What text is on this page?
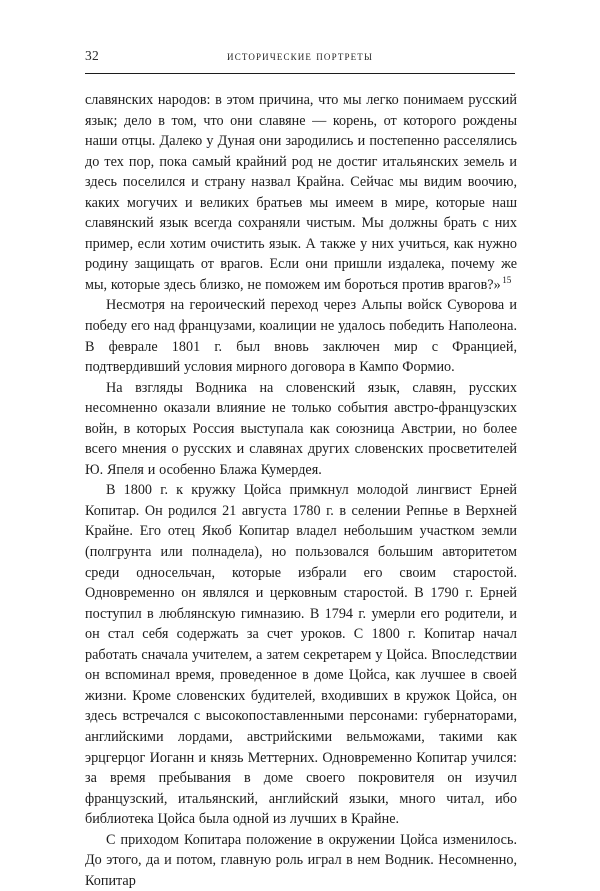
32	исторические портреты

славянских народов: в этом причина, что мы легко понимаем русский язык; дело в том, что они славяне — корень, от которого рождены наши отцы. Далеко у Дуная они зародились и постепенно расселялись до тех пор, пока самый крайний род не достиг итальянских земель и здесь поселился и страну назвал Крайна. Сейчас мы видим воочию, каких могучих и великих братьев мы имеем в мире, которые наш славянский язык всегда сохраняли чистым. Мы должны брать с них пример, если хотим очистить язык. А также у них учиться, как нужно родину защищать от врагов. Если они пришли издалека, почему же мы, которые здесь близко, не поможем им бороться против врагов?» $^{15}$

Несмотря на героический переход через Альпы войск Суворова и победу его над французами, коалиции не удалось победить Наполеона. В феврале 1801 г. был вновь заключен мир с Францией, подтвердивший условия мирного договора в Кампо Формио.

На взгляды Водника на словенский язык, славян, русских несомненно оказали влияние не только события австро-французских войн, в которых Россия выступала как союзница Австрии, но более всего мнения о русских и славянах других словенских просветителей Ю. Япеля и особенно Блажа Кумердея.

В 1800 г. к кружку Цойса примкнул молодой лингвист Ерней Копитар. Он родился 21 августа 1780 г. в селении Репнье в Верхней Крайне. Его отец Якоб Копитар владел небольшим участком земли (полгрунта или полнадела), но пользовался большим авторитетом среди односельчан, которые избрали его своим старостой. Одновременно он являлся и церковным старостой. В 1790 г. Ерней поступил в люблянскую гимназию. В 1794 г. умерли его родители, и он стал себя содержать за счет уроков. С 1800 г. Копитар начал работать сначала учителем, а затем секретарем у Цойса. Впоследствии он вспоминал время, проведенное в доме Цойса, как лучшее в своей жизни. Кроме словенских будителей, входивших в кружок Цойса, он здесь встречался с высокопоставленными персонами: губернаторами, английскими лордами, австрийскими вельможами, такими как эрцгерцог Иоганн и князь Меттерних. Одновременно Копитар учился: за время пребывания в доме своего покровителя он изучил французский, итальянский, английский языки, много читал, ибо библиотека Цойса была одной из лучших в Крайне.

С приходом Копитара положение в окружении Цойса изменилось. До этого, да и потом, главную роль играл в нем Водник. Несомненно, Копитар
